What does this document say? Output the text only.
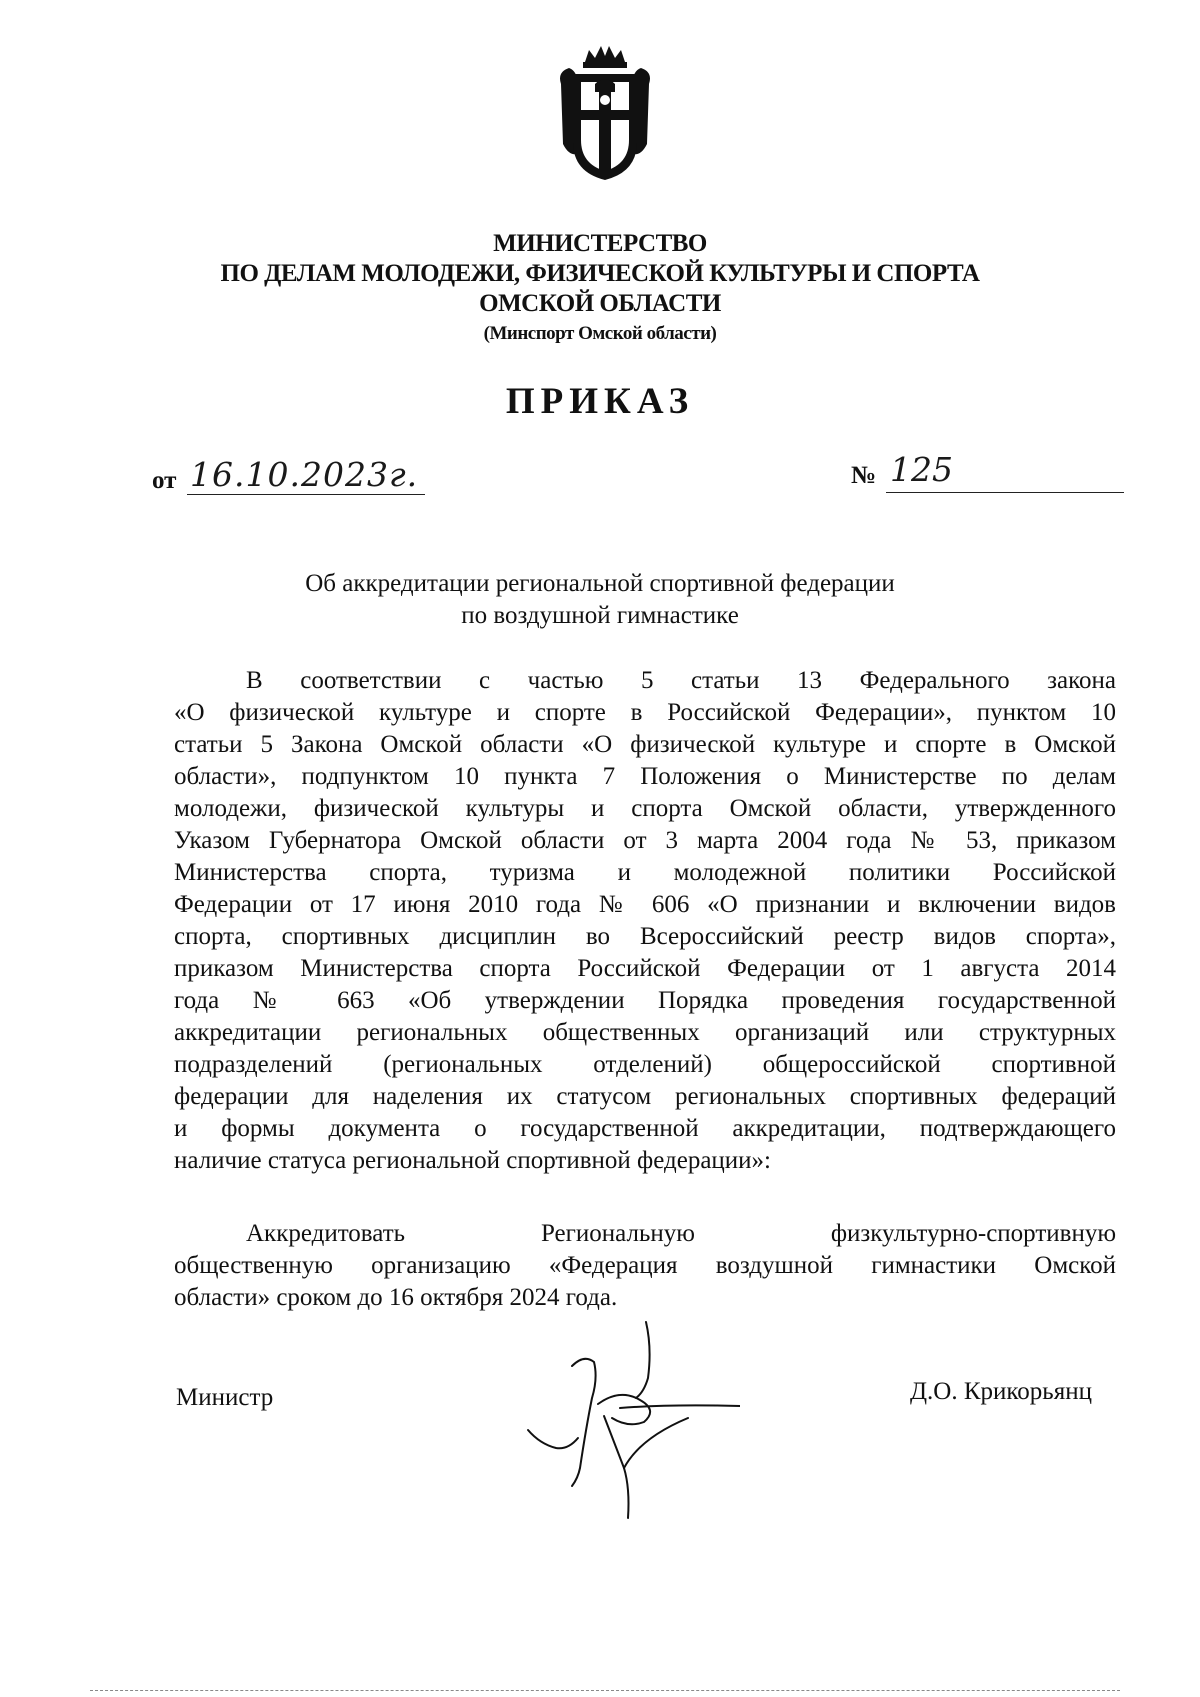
МИНИСТЕРСТВО
ПО ДЕЛАМ МОЛОДЕЖИ, ФИЗИЧЕСКОЙ КУЛЬТУРЫ И СПОРТА
ОМСКОЙ ОБЛАСТИ
(Минспорт Омской области)
ПРИКАЗ
от 16.10.2023г.	№ 125
Об аккредитации региональной спортивной федерации
по воздушной гимнастике
В соответствии с частью 5 статьи 13 Федерального закона
«О физической культуре и спорте в Российской Федерации», пунктом 10
статьи 5 Закона Омской области «О физической культуре и спорте в Омской
области», подпунктом 10 пункта 7 Положения о Министерстве по делам
молодежи, физической культуры и спорта Омской области, утвержденного
Указом Губернатора Омской области от 3 марта 2004 года № 53, приказом
Министерства спорта, туризма и молодежной политики Российской
Федерации от 17 июня 2010 года № 606 «О признании и включении видов
спорта, спортивных дисциплин во Всероссийский реестр видов спорта»,
приказом Министерства спорта Российской Федерации от 1 августа 2014
года № 663 «Об утверждении Порядка проведения государственной
аккредитации региональных общественных организаций или структурных
подразделений (региональных отделений) общероссийской спортивной
федерации для наделения их статусом региональных спортивных федераций
и формы документа о государственной аккредитации, подтверждающего
наличие статуса региональной спортивной федерации»:
Аккредитовать Региональную физкультурно-спортивную
общественную организацию «Федерация воздушной гимнастики Омской
области» сроком до 16 октября 2024 года.
Министр	Д.О. Крикорьянц
